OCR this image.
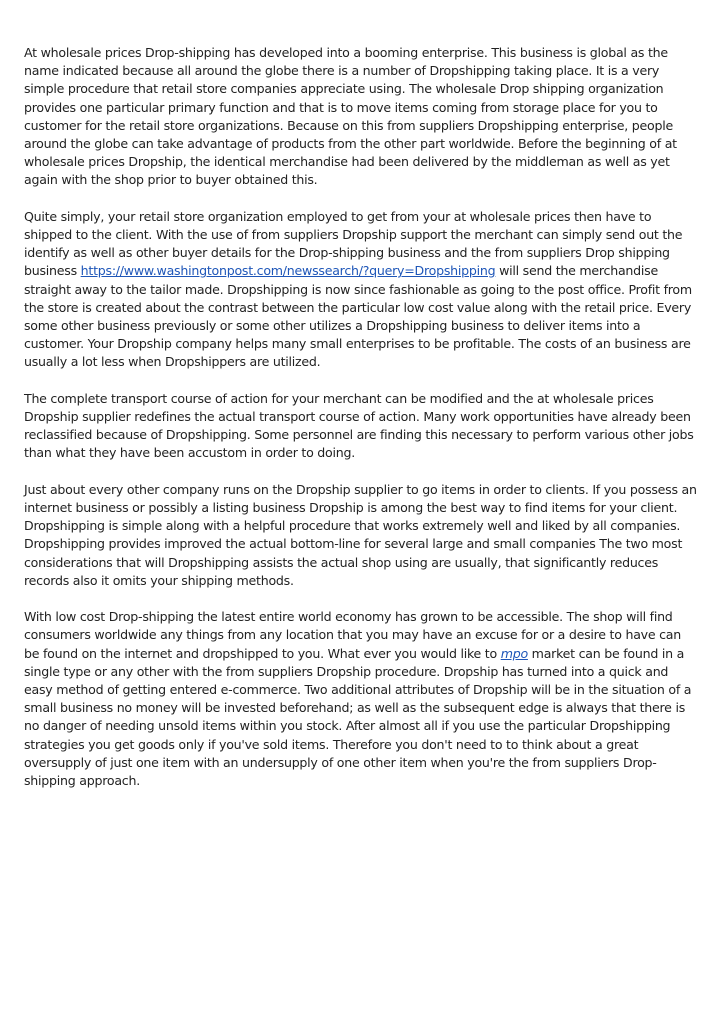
At wholesale prices Drop-shipping has developed into a booming enterprise. This business is global as the name indicated because all around the globe there is a number of Dropshipping taking place. It is a very simple procedure that retail store companies appreciate using. The wholesale Drop shipping organization provides one particular primary function and that is to move items coming from storage place for you to customer for the retail store organizations. Because on this from suppliers Dropshipping enterprise, people around the globe can take advantage of products from the other part worldwide. Before the beginning of at wholesale prices Dropship, the identical merchandise had been delivered by the middleman as well as yet again with the shop prior to buyer obtained this.

Quite simply, your retail store organization employed to get from your at wholesale prices then have to shipped to the client. With the use of from suppliers Dropship support the merchant can simply send out the identify as well as other buyer details for the Drop-shipping business and the from suppliers Drop shipping business https://www.washingtonpost.com/newssearch/?query=Dropshipping will send the merchandise straight away to the tailor made. Dropshipping is now since fashionable as going to the post office. Profit from the store is created about the contrast between the particular low cost value along with the retail price. Every some other business previously or some other utilizes a Dropshipping business to deliver items into a customer. Your Dropship company helps many small enterprises to be profitable. The costs of an business are usually a lot less when Dropshippers are utilized.

The complete transport course of action for your merchant can be modified and the at wholesale prices Dropship supplier redefines the actual transport course of action. Many work opportunities have already been reclassified because of Dropshipping. Some personnel are finding this necessary to perform various other jobs than what they have been accustom in order to doing.

Just about every other company runs on the Dropship supplier to go items in order to clients. If you possess an internet business or possibly a listing business Dropship is among the best way to find items for your client. Dropshipping is simple along with a helpful procedure that works extremely well and liked by all companies. Dropshipping provides improved the actual bottom-line for several large and small companies The two most considerations that will Dropshipping assists the actual shop using are usually, that significantly reduces records also it omits your shipping methods.

With low cost Drop-shipping the latest entire world economy has grown to be accessible. The shop will find consumers worldwide any things from any location that you may have an excuse for or a desire to have can be found on the internet and dropshipped to you. What ever you would like to mpo market can be found in a single type or any other with the from suppliers Dropship procedure. Dropship has turned into a quick and easy method of getting entered e-commerce. Two additional attributes of Dropship will be in the situation of a small business no money will be invested beforehand; as well as the subsequent edge is always that there is no danger of needing unsold items within you stock. After almost all if you use the particular Dropshipping strategies you get goods only if you've sold items. Therefore you don't need to to think about a great oversupply of just one item with an undersupply of one other item when you're the from suppliers Drop-shipping approach.
